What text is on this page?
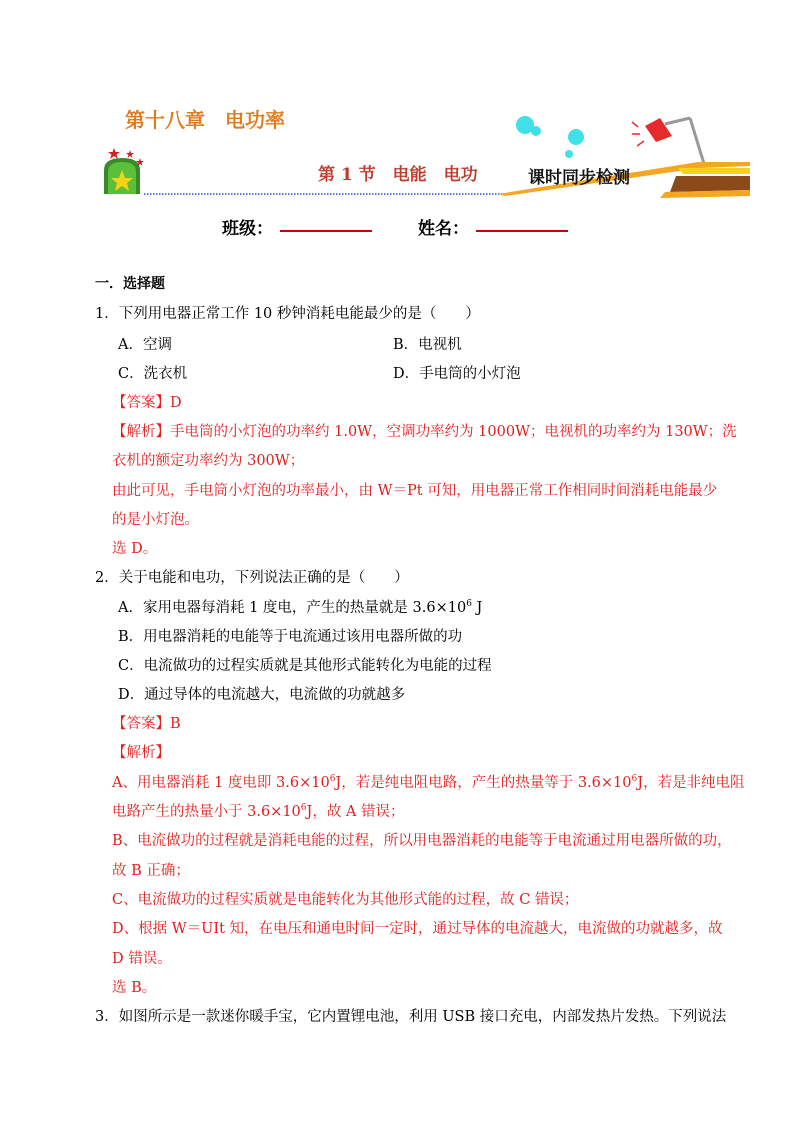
第十八章　电功率
第 1 节　电能　电功	课时同步检测
班级：	姓名：
一．选择题
1．下列用电器正常工作 10 秒钟消耗电能最少的是（　　）
A．空调	B．电视机
C．洗衣机	D．手电筒的小灯泡
【答案】D
【解析】手电筒的小灯泡的功率约 1.0W，空调功率约为 1000W；电视机的功率约为 130W；洗
衣机的额定功率约为 300W；
由此可见，手电筒小灯泡的功率最小，由 W＝Pt 可知，用电器正常工作相同时间消耗电能最少
的是小灯泡。
选 D。
2．关于电能和电功，下列说法正确的是（　　）
A．家用电器每消耗 1 度电，产生的热量就是 $3.6\times 10^6$ J
B．用电器消耗的电能等于电流通过该用电器所做的功
C．电流做功的过程实质就是其他形式能转化为电能的过程
D．通过导体的电流越大，电流做的功就越多
【答案】B
【解析】
A、用电器消耗 1 度电即 $3.6\times 10^6J$，若是纯电阻电路，产生的热量等于 $3.6\times 10^6J$，若是非纯电阻
电路产生的热量小于 $3.6\times 10^6J$，故 A 错误；
B、电流做功的过程就是消耗电能的过程，所以用电器消耗的电能等于电流通过用电器所做的功，
故 B 正确；
C、电流做功的过程实质就是电能转化为其他形式能的过程，故 C 错误；
D、根据 W＝UIt 知，在电压和通电时间一定时，通过导体的电流越大，电流做的功就越多，故
D 错误。
选 B。
3．如图所示是一款迷你暖手宝，它内置锂电池，利用 USB 接口充电，内部发热片发热。下列说法
